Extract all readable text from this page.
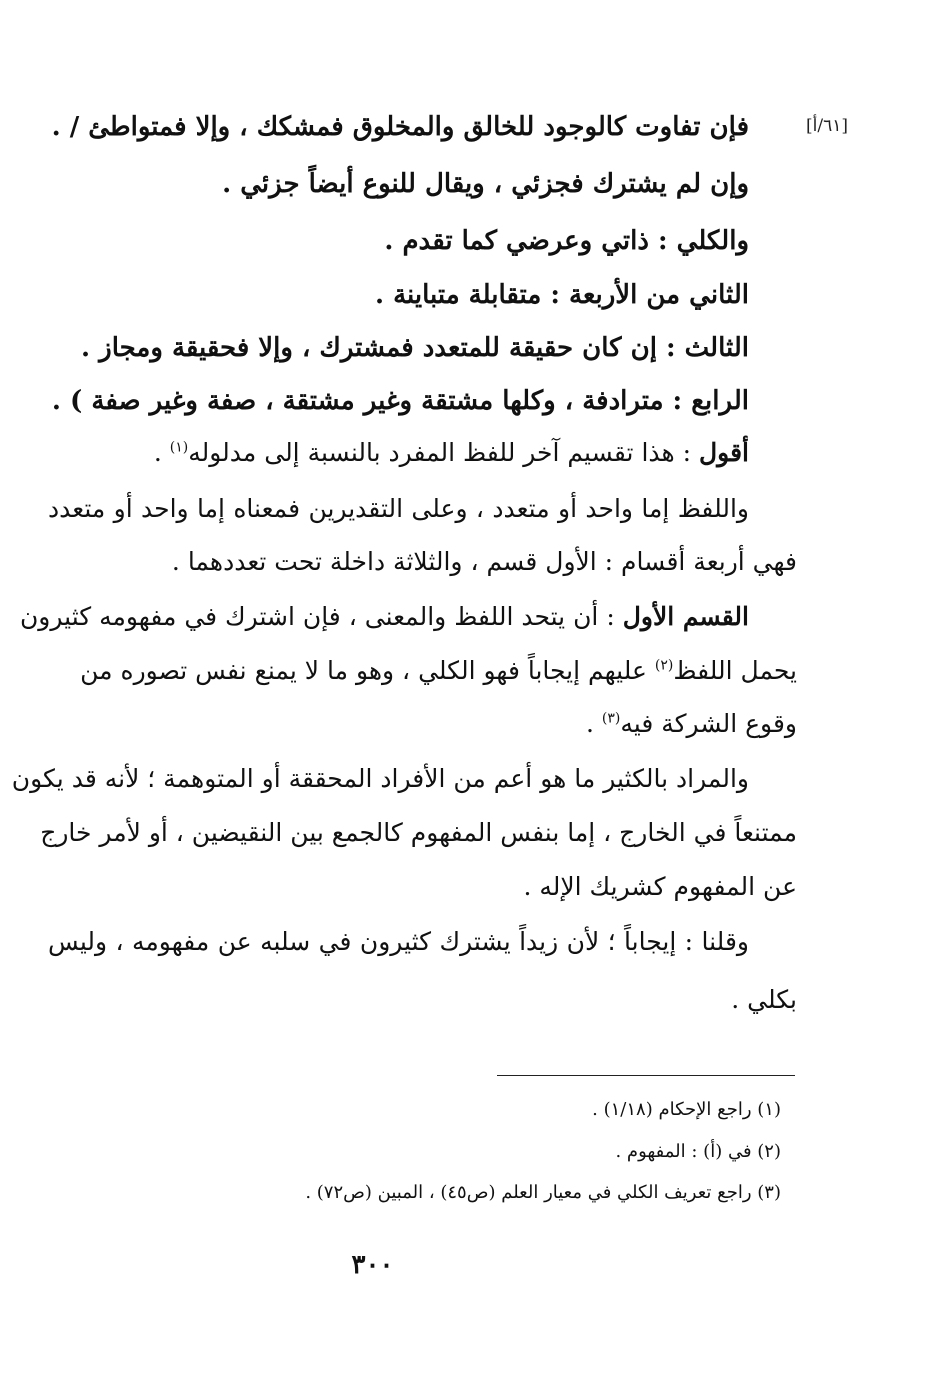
[٦١/أ]
فإن تفاوت كالوجود للخالق والمخلوق فمشكك ، وإلا فمتواطئ / .
وإن لم يشترك فجزئي ، ويقال للنوع أيضاً جزئي .
والكلي : ذاتي وعرضي كما تقدم .
الثاني من الأربعة : متقابلة متباينة .
الثالث : إن كان حقيقة للمتعدد فمشترك ، وإلا فحقيقة ومجاز .
الرابع : مترادفة ، وكلها مشتقة وغير مشتقة ، صفة وغير صفة ) .
أقول : هذا تقسيم آخر للفظ المفرد بالنسبة إلى مدلوله$^{(١)}$ .
واللفظ إما واحد أو متعدد ، وعلى التقديرين فمعناه إما واحد أو متعدد
فهي أربعة أقسام : الأول قسم ، والثلاثة داخلة تحت تعددهما .
القسم الأول : أن يتحد اللفظ والمعنى ، فإن اشترك في مفهومه كثيرون
يحمل اللفظ$^{(٢)}$ عليهم إيجاباً فهو الكلي ، وهو ما لا يمنع نفس تصوره من
وقوع الشركة فيه$^{(٣)}$ .
والمراد بالكثير ما هو أعم من الأفراد المحققة أو المتوهمة ؛ لأنه قد يكون
ممتنعاً في الخارج ، إما بنفس المفهوم كالجمع بين النقيضين ، أو لأمر خارج
عن المفهوم كشريك الإله .
وقلنا : إيجاباً ؛ لأن زيداً يشترك كثيرون في سلبه عن مفهومه ، وليس
بكلي .
(١) راجع الإحكام (١/١٨) .
(٢) في (أ) : المفهوم .
(٣) راجع تعريف الكلي في معيار العلم (ص٤٥) ، المبين (ص٧٢) .
٣٠٠
